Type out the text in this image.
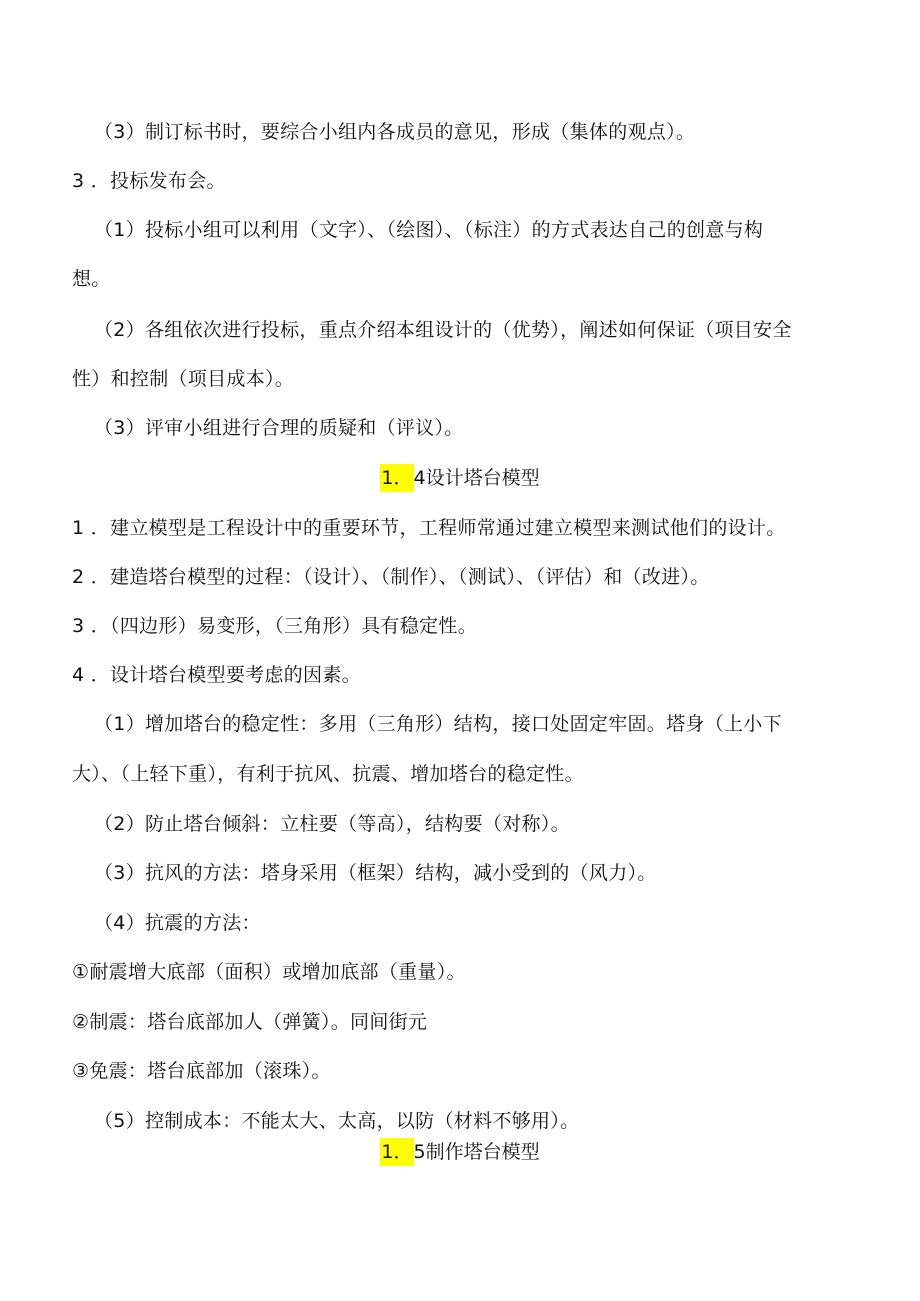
（3）制订标书时，要综合小组内各成员的意见，形成（集体的观点）。
3 ．投标发布会。
（1）投标小组可以利用（文字）、（绘图）、（标注）的方式表达自己的创意与构
想。
（2）各组依次进行投标，重点介绍本组设计的（优势），阐述如何保证（项目安全
性）和控制（项目成本）。
（3）评审小组进行合理的质疑和（评议）。
1．4设计塔台模型
1 ．建立模型是工程设计中的重要环节，工程师常通过建立模型来测试他们的设计。
2 ．建造塔台模型的过程：（设计）、（制作）、（测试）、（评估）和（改进）。
3 ．（四边形）易变形，（三角形）具有稳定性。
4 ．设计塔台模型要考虑的因素。
（1）增加塔台的稳定性：多用（三角形）结构，接口处固定牢固。塔身（上小下
大）、（上轻下重），有利于抗风、抗震、增加塔台的稳定性。
（2）防止塔台倾斜：立柱要（等高），结构要（对称）。
（3）抗风的方法：塔身采用（框架）结构，减小受到的（风力）。
（4）抗震的方法：
①耐震增大底部（面积）或增加底部（重量）。
②制震：塔台底部加人（弹簧）。同间街元
③免震：塔台底部加（滚珠）。
（5）控制成本：不能太大、太高，以防（材料不够用）。
1．5制作塔台模型
